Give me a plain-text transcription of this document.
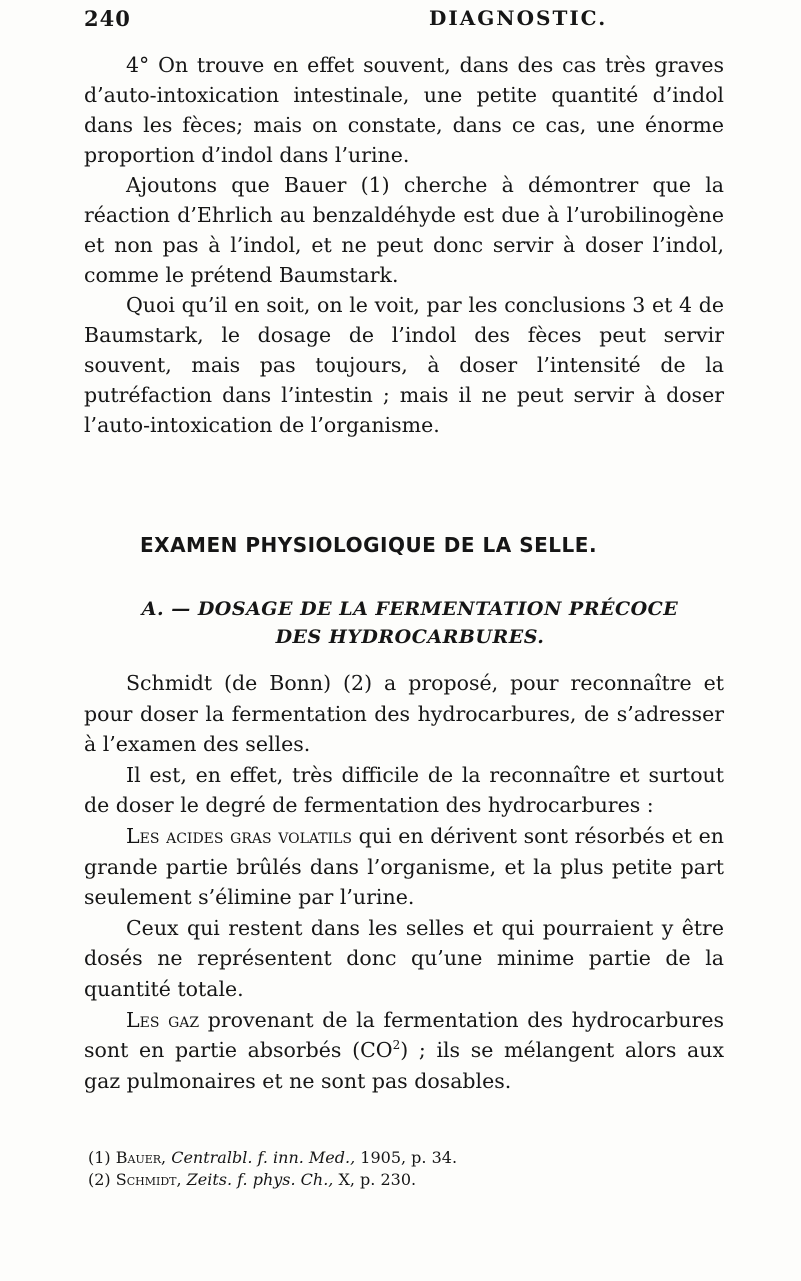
240	DIAGNOSTIC.

4° On trouve en effet souvent, dans des cas très graves d’auto-intoxication intestinale, une petite quantité d’indol dans les fèces; mais on constate, dans ce cas, une énorme proportion d’indol dans l’urine.

Ajoutons que Bauer (1) cherche à démontrer que la réaction d’Ehrlich au benzaldéhyde est due à l’urobilinogène et non pas à l’indol, et ne peut donc servir à doser l’indol, comme le prétend Baumstark.

Quoi qu’il en soit, on le voit, par les conclusions 3 et 4 de Baumstark, le dosage de l’indol des fèces peut servir souvent, mais pas toujours, à doser l’intensité de la putréfaction dans l’intestin ; mais il ne peut servir à doser l’auto-intoxication de l’organisme.

EXAMEN PHYSIOLOGIQUE DE LA SELLE.
A. — DOSAGE DE LA FERMENTATION PRÉCOCE
DES HYDROCARBURES.

Schmidt (de Bonn) (2) a proposé, pour reconnaître et pour doser la fermentation des hydrocarbures, de s’adresser à l’examen des selles.

Il est, en effet, très difficile de la reconnaître et surtout de doser le degré de fermentation des hydrocarbures :

Les acides gras volatils qui en dérivent sont résorbés et en grande partie brûlés dans l’organisme, et la plus petite part seulement s’élimine par l’urine.

Ceux qui restent dans les selles et qui pourraient y être dosés ne représentent donc qu’une minime partie de la quantité totale.

Les gaz provenant de la fermentation des hydrocarbures sont en partie absorbés $(CO^2)$ ; ils se mélangent alors aux gaz pulmonaires et ne sont pas dosables.

(1) Bauer, Centralbl. f. inn. Med., 1905, p. 34.
(2) Schmidt, Zeits. f. phys. Ch., X, p. 230.
